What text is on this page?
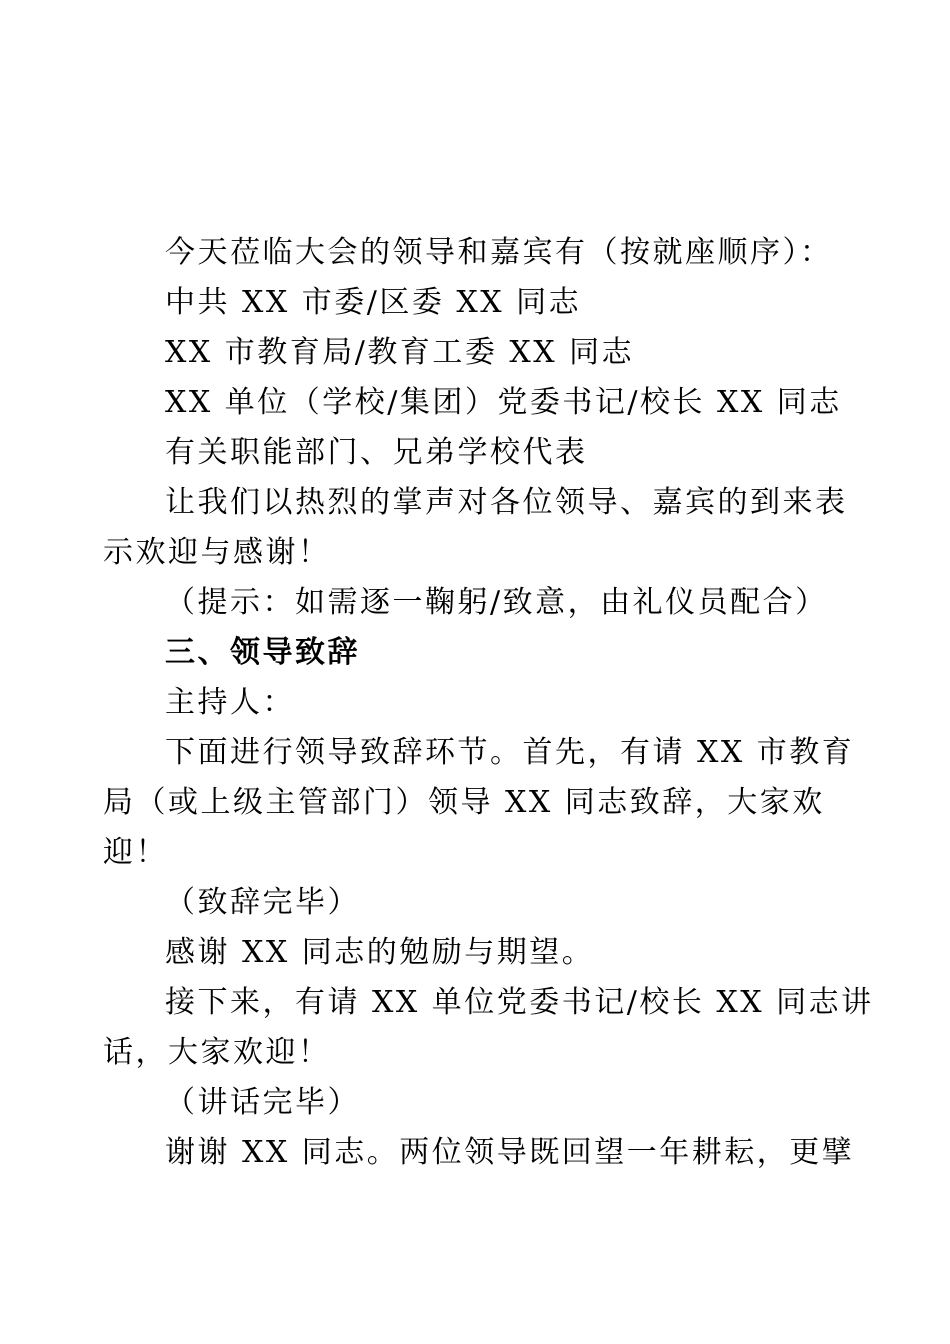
今天莅临大会的领导和嘉宾有（按就座顺序）：
中共 XX 市委/区委 XX 同志
XX 市教育局/教育工委 XX 同志
XX 单位（学校/集团）党委书记/校长 XX 同志
有关职能部门、兄弟学校代表
让我们以热烈的掌声对各位领导、嘉宾的到来表
示欢迎与感谢！
（提示：如需逐一鞠躬/致意，由礼仪员配合）
三、领导致辞
主持人：
下面进行领导致辞环节。首先，有请 XX 市教育
局（或上级主管部门）领导 XX 同志致辞，大家欢
迎！
（致辞完毕）
感谢 XX 同志的勉励与期望。
接下来，有请 XX 单位党委书记/校长 XX 同志讲
话，大家欢迎！
（讲话完毕）
谢谢 XX 同志。两位领导既回望一年耕耘，更擘
